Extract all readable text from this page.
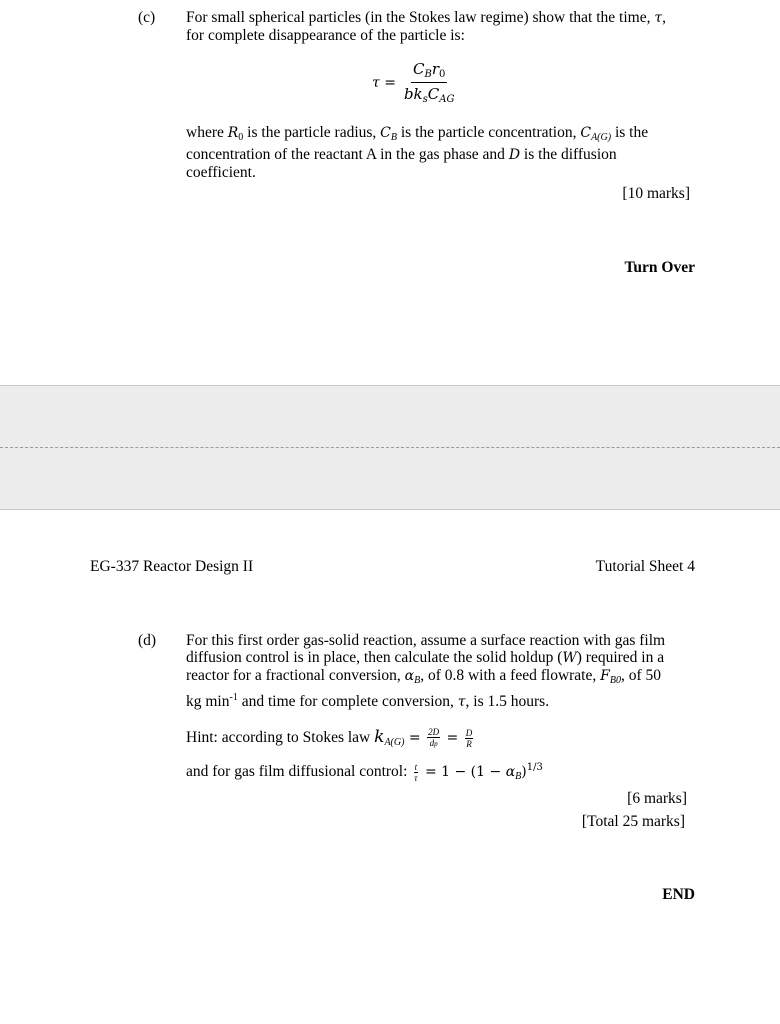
(c) For small spherical particles (in the Stokes law regime) show that the time, τ,
for complete disappearance of the particle is:
$\tau = \frac{C_Br_0}{bk_sC_{AG}}$
where $R_0$ is the particle radius, $C_B$ is the particle concentration, $C_{A(G)}$ is the
concentration of the reactant A in the gas phase and D is the diffusion
coefficient.
[10 marks]
Turn Over
EG-337 Reactor Design II	Tutorial Sheet 4
(d) For this first order gas-solid reaction, assume a surface reaction with gas film
diffusion control is in place, then calculate the solid holdup (W) required in a
reactor for a fractional conversion, $\alpha_B$, of 0.8 with a feed flowrate, $F_{B0}$, of 50
kg $\min^{-1}$ and time for complete conversion, τ, is 1.5 hours.
Hint: according to Stokes law $k_{A(G)} = \frac{2D}{dp} = \frac{D}{R}$
and for gas film diffusional control: $\frac{t}{\tau} = 1 - (1 - \alpha_B)^{1/3}$
[6 marks]
[Total 25 marks]
END
